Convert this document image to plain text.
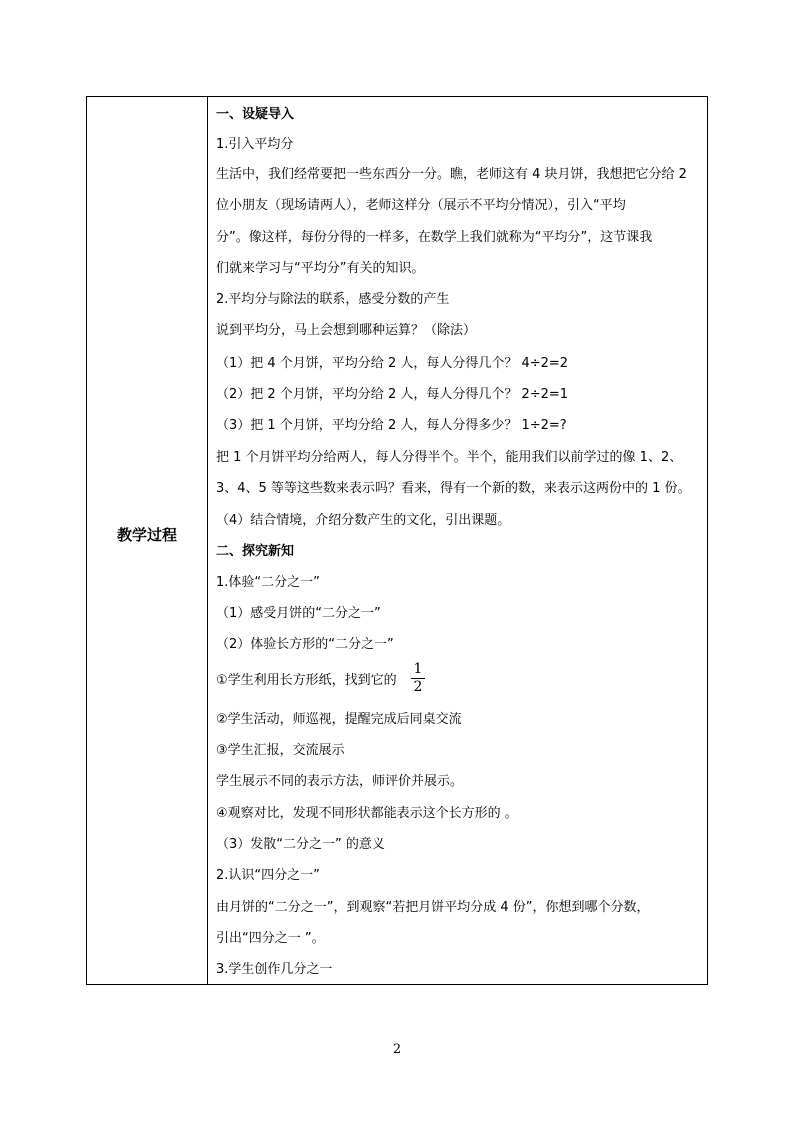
教学过程
一、设疑导入
1.引入平均分
生活中，我们经常要把一些东西分一分。瞧，老师这有 4 块月饼，我想把它分给 2
位小朋友（现场请两人），老师这样分（展示不平均分情况），引入“平均
分”。像这样，每份分得的一样多，在数学上我们就称为“平均分”，这节课我
们就来学习与“平均分”有关的知识。
2.平均分与除法的联系，感受分数的产生
说到平均分，马上会想到哪种运算？（除法）
（1）把 4 个月饼，平均分给 2 人，每人分得几个？ 4÷2=2
（2）把 2 个月饼，平均分给 2 人，每人分得几个？ 2÷2=1
（3）把 1 个月饼，平均分给 2 人，每人分得多少？ 1÷2=?
把 1 个月饼平均分给两人，每人分得半个。半个，能用我们以前学过的像 1、2、
3、4、5 等等这些数来表示吗？看来，得有一个新的数，来表示这两份中的 1 份。
（4）结合情境，介绍分数产生的文化，引出课题。
二、探究新知
1.体验“二分之一”
（1）感受月饼的“二分之一”
（2）体验长方形的“二分之一”
①学生利用长方形纸，找到它的
1
2
②学生活动，师巡视，提醒完成后同桌交流
③学生汇报，交流展示
学生展示不同的表示方法，师评价并展示。
④观察对比，发现不同形状都能表示这个长方形的 。
（3）发散“二分之一” 的意义
2.认识“四分之一”
由月饼的“二分之一”，到观察“若把月饼平均分成 4 份”，你想到哪个分数，
引出“四分之一 ”。
3.学生创作几分之一
2
